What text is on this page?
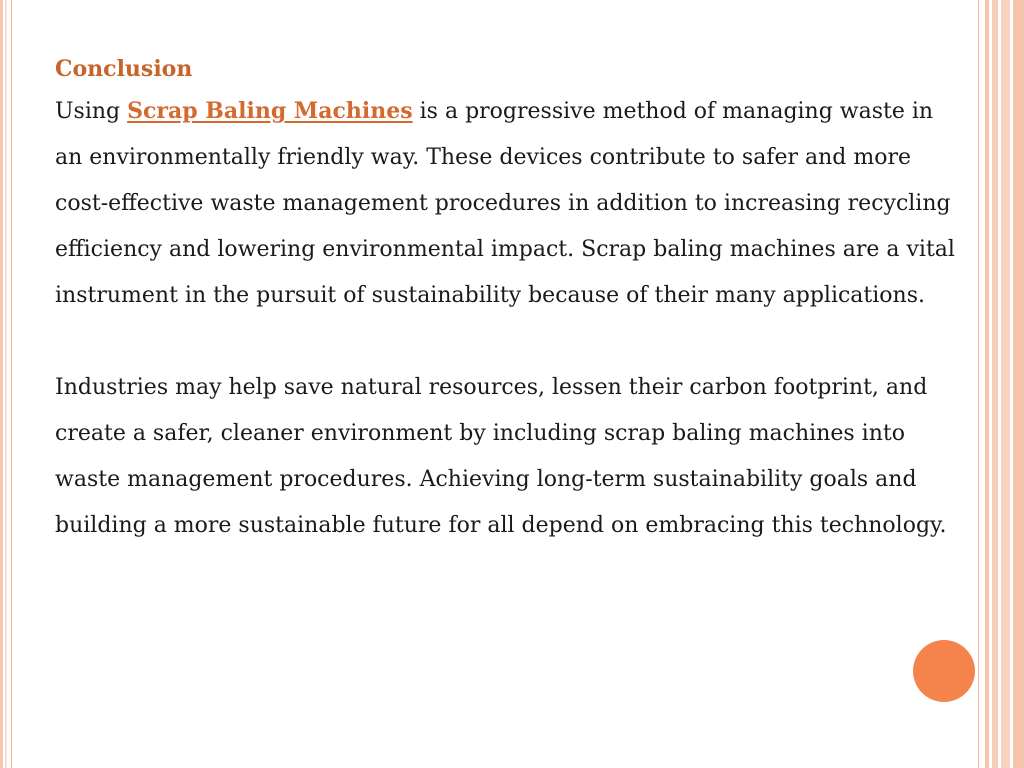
Conclusion

Using Scrap Baling Machines is a progressive method of managing waste in an environmentally friendly way. These devices contribute to safer and more cost-effective waste management procedures in addition to increasing recycling efficiency and lowering environmental impact. Scrap baling machines are a vital instrument in the pursuit of sustainability because of their many applications.

Industries may help save natural resources, lessen their carbon footprint, and create a safer, cleaner environment by including scrap baling machines into waste management procedures. Achieving long-term sustainability goals and building a more sustainable future for all depend on embracing this technology.
